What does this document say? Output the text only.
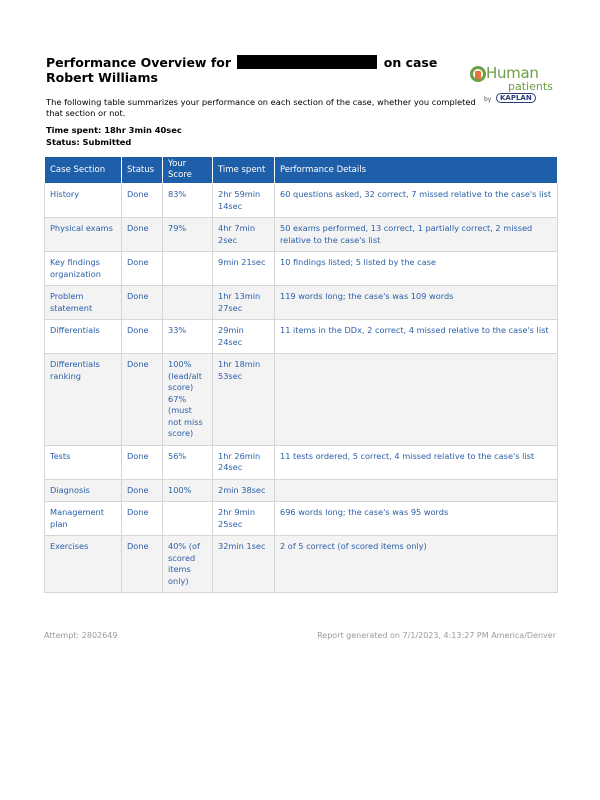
Performance Overview for	on case
Robert Williams	Human
patients
by	KAPLAN
The following table summarizes your performance on each section of the case, whether you completed that section or not.
Time spent: 18hr 3min 40sec
Status: Submitted
Case Section	Status	Your Score	Time spent	Performance Details
History	Done	83%	2hr 59min 14sec	60 questions asked, 32 correct, 7 missed relative to the case's list
Physical exams	Done	79%	4hr 7min 2sec	50 exams performed, 13 correct, 1 partially correct, 2 missed relative to the case's list
Key findings organization	Done		9min 21sec	10 findings listed; 5 listed by the case
Problem statement	Done		1hr 13min 27sec	119 words long; the case's was 109 words
Differentials	Done	33%	29min 24sec	11 items in the DDx, 2 correct, 4 missed relative to the case's list
Differentials ranking	Done	100% (lead/alt score) 67% (must not miss score)	1hr 18min 53sec	
Tests	Done	56%	1hr 26min 24sec	11 tests ordered, 5 correct, 4 missed relative to the case's list
Diagnosis	Done	100%	2min 38sec	
Management plan	Done		2hr 9min 25sec	696 words long; the case's was 95 words
Exercises	Done	40% (of scored items only)	32min 1sec	2 of 5 correct (of scored items only)
Attempt: 2802649	Report generated on 7/1/2023, 4:13:27 PM America/Denver
